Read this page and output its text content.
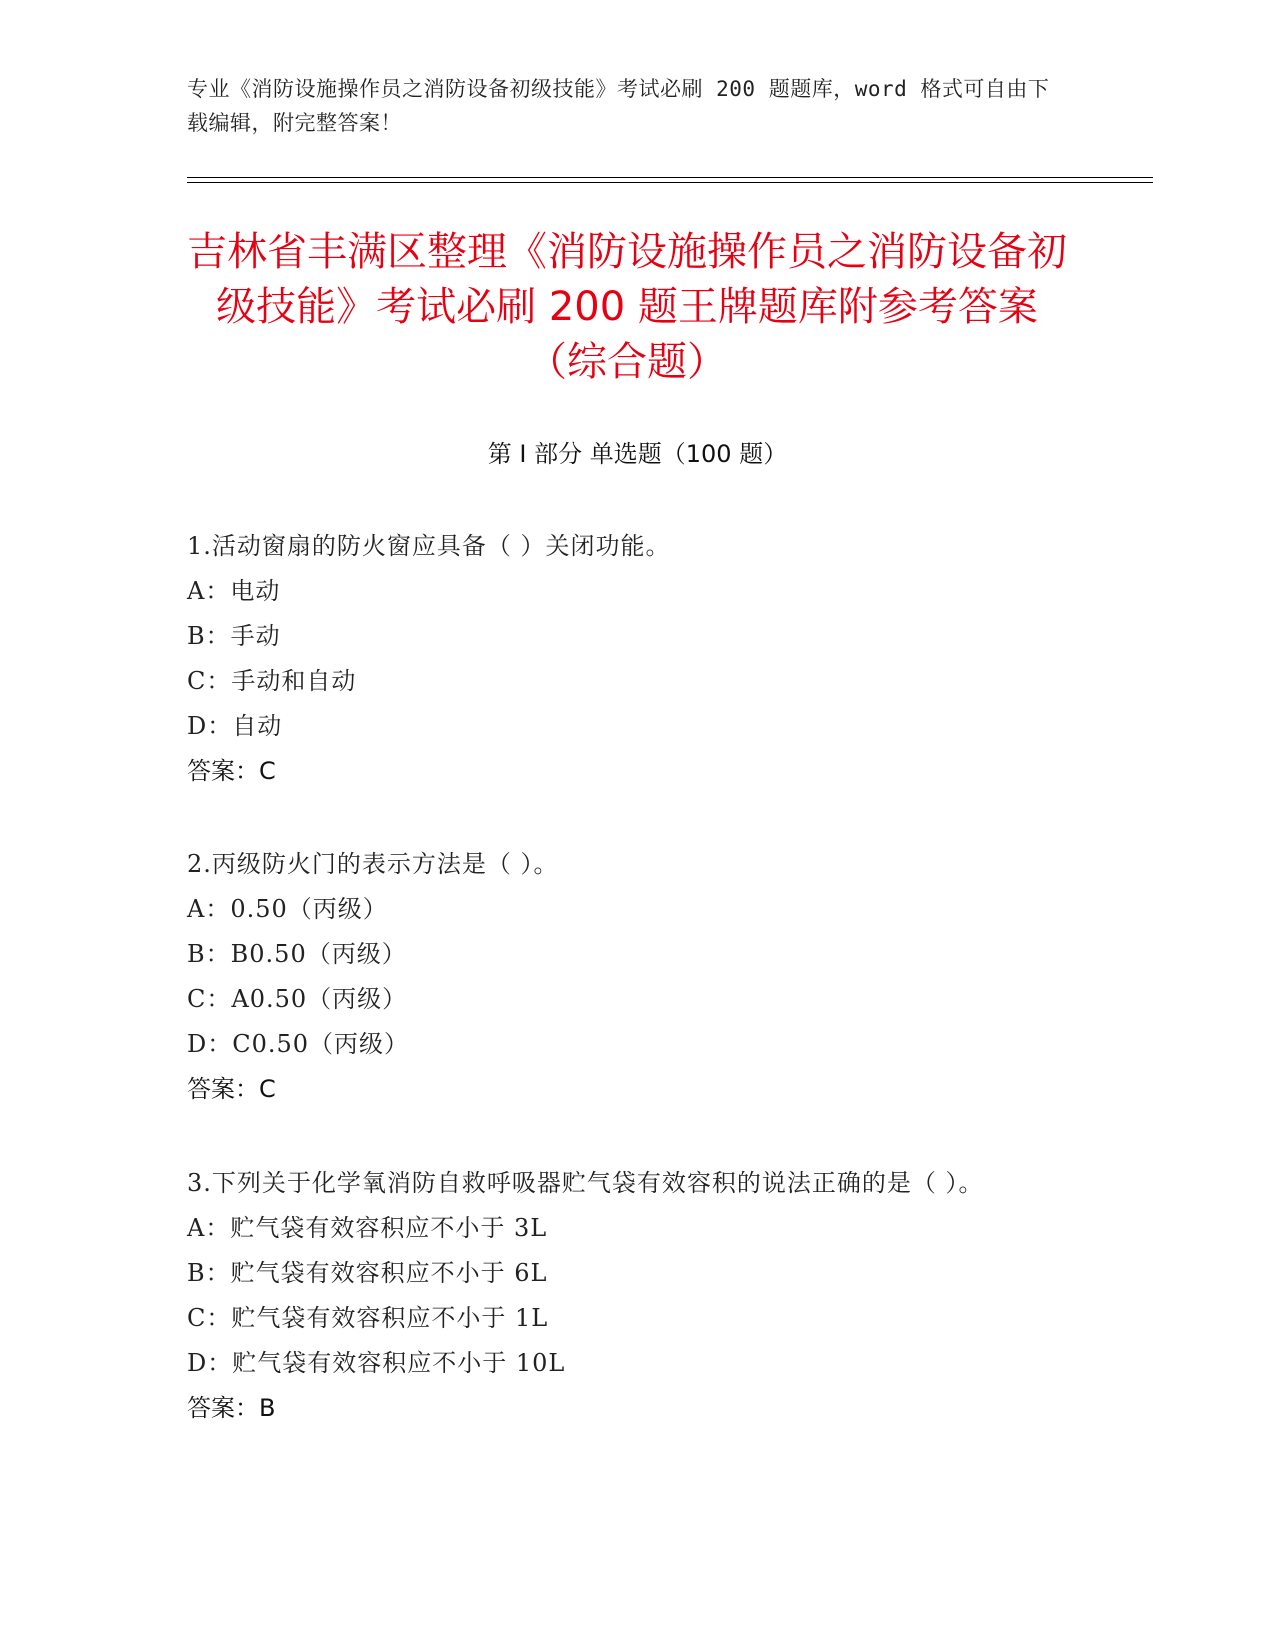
专业《消防设施操作员之消防设备初级技能》考试必刷 200 题题库，word 格式可自由下载编辑，附完整答案！
吉林省丰满区整理《消防设施操作员之消防设备初级技能》考试必刷 200 题王牌题库附参考答案（综合题）
第 I 部分 单选题（100 题）
1.活动窗扇的防火窗应具备（ ）关闭功能。
A：电动
B：手动
C：手动和自动
D：自动
答案：C
2.丙级防火门的表示方法是（ ）。
A：0.50（丙级）
B：B0.50（丙级）
C：A0.50（丙级）
D：C0.50（丙级）
答案：C
3.下列关于化学氧消防自救呼吸器贮气袋有效容积的说法正确的是（ ）。
A：贮气袋有效容积应不小于 3L
B：贮气袋有效容积应不小于 6L
C：贮气袋有效容积应不小于 1L
D：贮气袋有效容积应不小于 10L
答案：B
